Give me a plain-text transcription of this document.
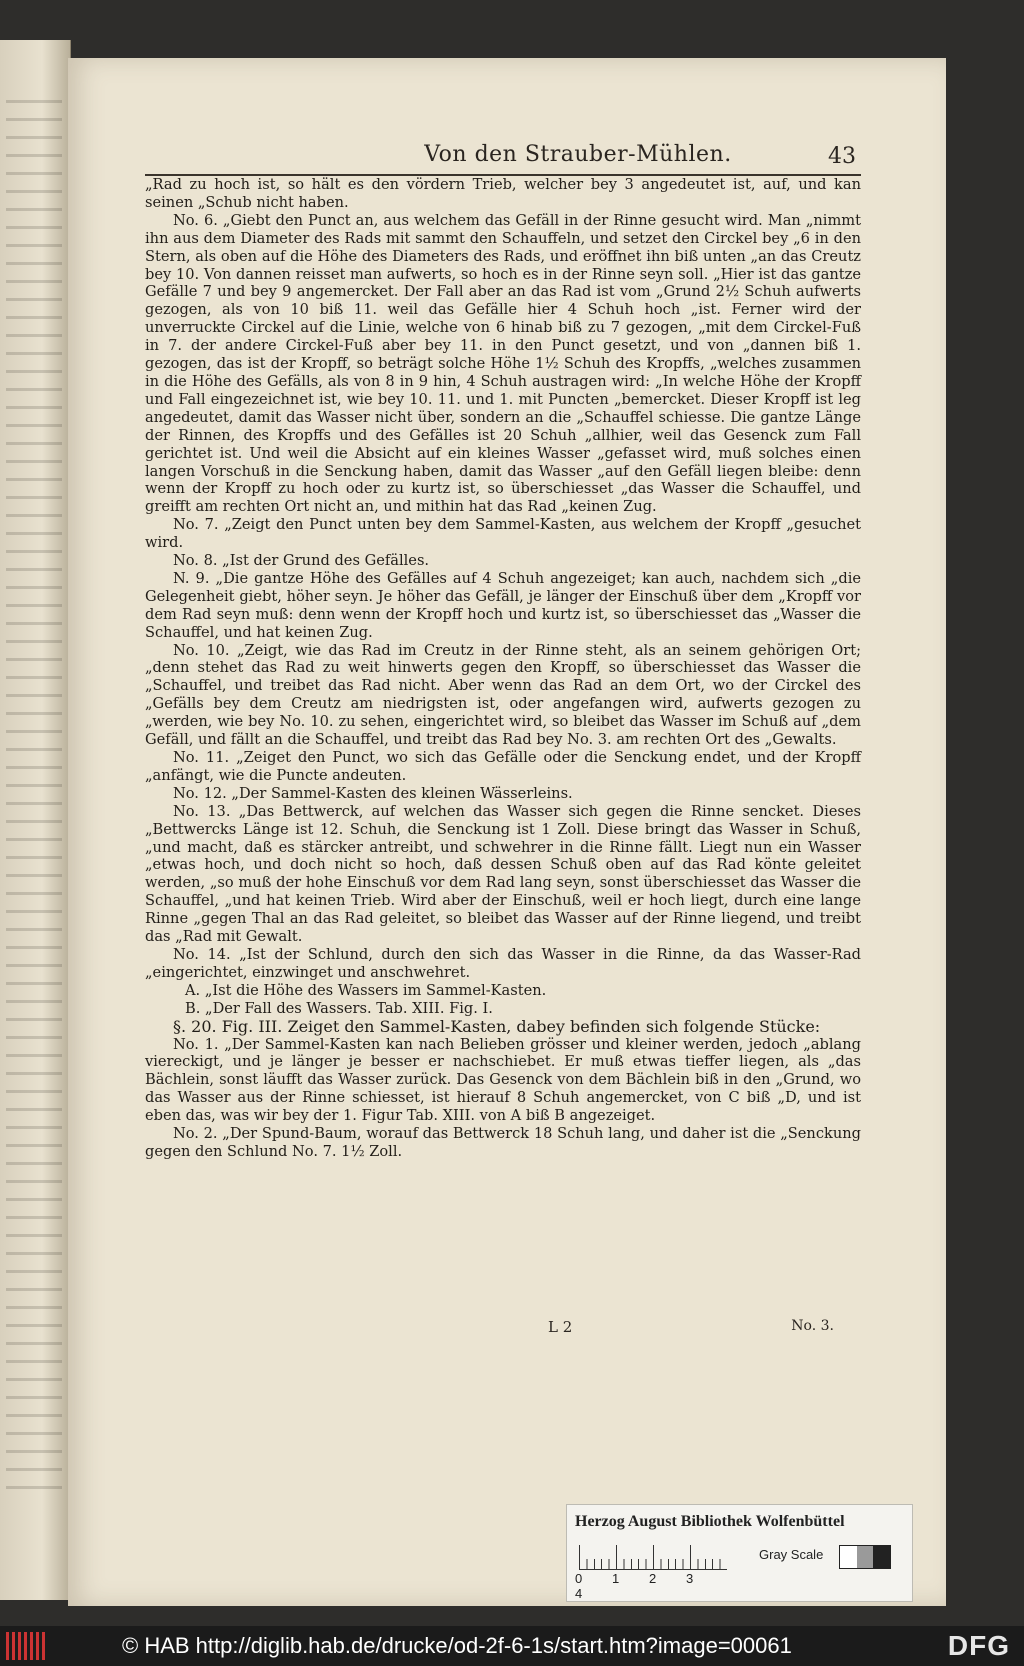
Von den Strauber-Mühlen.	43

„Rad zu hoch ist, so hält es den vördern Trieb, welcher bey 3 angedeutet ist, auf, und kan seinen „Schub nicht haben.

No. 6. „Giebt den Punct an, aus welchem das Gefäll in der Rinne gesucht wird. Man „nimmt ihn aus dem Diameter des Rads mit sammt den Schauffeln, und setzet den Circkel bey „6 in den Stern, als oben auf die Höhe des Diameters des Rads, und eröffnet ihn biß unten „an das Creutz bey 10. Von dannen reisset man aufwerts, so hoch es in der Rinne seyn soll. „Hier ist das gantze Gefälle 7 und bey 9 angemercket. Der Fall aber an das Rad ist vom „Grund 2½ Schuh aufwerts gezogen, als von 10 biß 11. weil das Gefälle hier 4 Schuh hoch „ist. Ferner wird der unverruckte Circkel auf die Linie, welche von 6 hinab biß zu 7 gezogen, „mit dem Circkel-Fuß in 7. der andere Circkel-Fuß aber bey 11. in den Punct gesetzt, und von „dannen biß 1. gezogen, das ist der Kropff, so beträgt solche Höhe 1½ Schuh des Kropffs, „welches zusammen in die Höhe des Gefälls, als von 8 in 9 hin, 4 Schuh austragen wird: „In welche Höhe der Kropff und Fall eingezeichnet ist, wie bey 10. 11. und 1. mit Puncten „bemercket. Dieser Kropff ist leg angedeutet, damit das Wasser nicht über, sondern an die „Schauffel schiesse. Die gantze Länge der Rinnen, des Kropffs und des Gefälles ist 20 Schuh „allhier, weil das Gesenck zum Fall gerichtet ist. Und weil die Absicht auf ein kleines Wasser „gefasset wird, muß solches einen langen Vorschuß in die Senckung haben, damit das Wasser „auf den Gefäll liegen bleibe: denn wenn der Kropff zu hoch oder zu kurtz ist, so überschiesset „das Wasser die Schauffel, und greifft am rechten Ort nicht an, und mithin hat das Rad „keinen Zug.

No. 7. „Zeigt den Punct unten bey dem Sammel-Kasten, aus welchem der Kropff „gesuchet wird.

No. 8. „Ist der Grund des Gefälles.

N. 9. „Die gantze Höhe des Gefälles auf 4 Schuh angezeiget; kan auch, nachdem sich „die Gelegenheit giebt, höher seyn. Je höher das Gefäll, je länger der Einschuß über dem „Kropff vor dem Rad seyn muß: denn wenn der Kropff hoch und kurtz ist, so überschiesset das „Wasser die Schauffel, und hat keinen Zug.

No. 10. „Zeigt, wie das Rad im Creutz in der Rinne steht, als an seinem gehörigen Ort; „denn stehet das Rad zu weit hinwerts gegen den Kropff, so überschiesset das Wasser die „Schauffel, und treibet das Rad nicht. Aber wenn das Rad an dem Ort, wo der Circkel des „Gefälls bey dem Creutz am niedrigsten ist, oder angefangen wird, aufwerts gezogen zu „werden, wie bey No. 10. zu sehen, eingerichtet wird, so bleibet das Wasser im Schuß auf „dem Gefäll, und fällt an die Schauffel, und treibt das Rad bey No. 3. am rechten Ort des „Gewalts.

No. 11. „Zeiget den Punct, wo sich das Gefälle oder die Senckung endet, und der Kropff „anfängt, wie die Puncte andeuten.

No. 12. „Der Sammel-Kasten des kleinen Wässerleins.

No. 13. „Das Bettwerck, auf welchen das Wasser sich gegen die Rinne sencket. Dieses „Bettwercks Länge ist 12. Schuh, die Senckung ist 1 Zoll. Diese bringt das Wasser in Schuß, „und macht, daß es stärcker antreibt, und schwehrer in die Rinne fällt. Liegt nun ein Wasser „etwas hoch, und doch nicht so hoch, daß dessen Schuß oben auf das Rad könte geleitet werden, „so muß der hohe Einschuß vor dem Rad lang seyn, sonst überschiesset das Wasser die Schauffel, „und hat keinen Trieb. Wird aber der Einschuß, weil er hoch liegt, durch eine lange Rinne „gegen Thal an das Rad geleitet, so bleibet das Wasser auf der Rinne liegend, und treibt das „Rad mit Gewalt.

No. 14. „Ist der Schlund, durch den sich das Wasser in die Rinne, da das Wasser-Rad „eingerichtet, einzwinget und anschwehret.

A. „Ist die Höhe des Wassers im Sammel-Kasten.

B. „Der Fall des Wassers. Tab. XIII. Fig. I.

§. 20. Fig. III. Zeiget den Sammel-Kasten, dabey befinden sich folgende Stücke:

No. 1. „Der Sammel-Kasten kan nach Belieben grösser und kleiner werden, jedoch „ablang viereckigt, und je länger je besser er nachschiebet. Er muß etwas tieffer liegen, als „das Bächlein, sonst läufft das Wasser zurück. Das Gesenck von dem Bächlein biß in den „Grund, wo das Wasser aus der Rinne schiesset, ist hierauf 8 Schuh angemercket, von C biß „D, und ist eben das, was wir bey der 1. Figur Tab. XIII. von A biß B angezeiget.

No. 2. „Der Spund-Baum, worauf das Bettwerck 18 Schuh lang, und daher ist die „Senckung gegen den Schlund No. 7. 1½ Zoll.

L 2	No. 3.
Herzog August Bibliothek Wolfenbüttel
0 1 2 34
Gray Scale
© HAB http://diglib.hab.de/drucke/od-2f-6-1s/start.htm?image=00061	DFG
